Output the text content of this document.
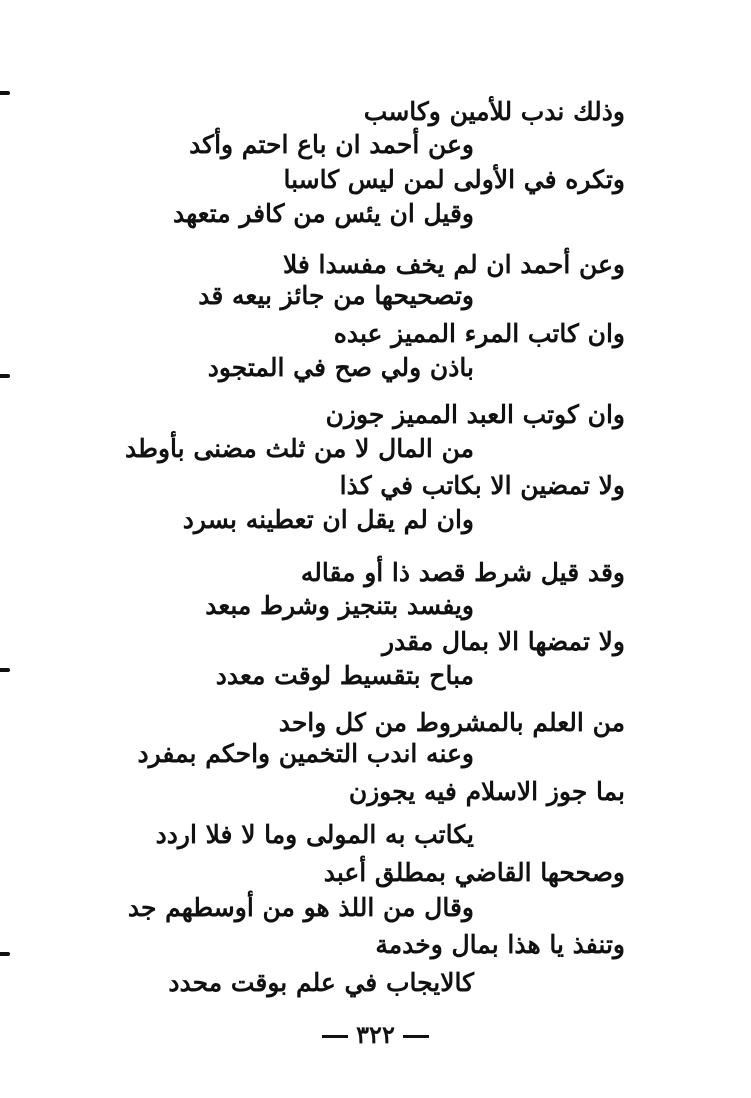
وذلك ندب للأمين وكاسب
وعن أحمد ان باع احتم وأكد
وتكره في الأولى لمن ليس كاسبا
وقيل ان يئس من كافر متعهد
وعن أحمد ان لم يخف مفسدا فلا
وتصحيحها من جائز بيعه قد
وان كاتب المرء المميز عبده
باذن ولي صح في المتجود
وان كوتب العبد المميز جوزن
من المال لا من ثلث مضنى بأوطد
ولا تمضين الا بكاتب في كذا
وان لم يقل ان تعطينه بسرد
وقد قيل شرط قصد ذا أو مقاله
ويفسد بتنجيز وشرط مبعد
ولا تمضها الا بمال مقدر
مباح بتقسيط لوقت معدد
من العلم بالمشروط من كل واحد
وعنه اندب التخمين واحكم بمفرد
بما جوز الاسلام فيه يجوزن
يكاتب به المولى وما لا فلا اردد
وصححها القاضي بمطلق أعبد
وقال من اللذ هو من أوسطهم جد
وتنفذ يا هذا بمال وخدمة
كالايجاب في علم بوقت محدد
٣٢٢
